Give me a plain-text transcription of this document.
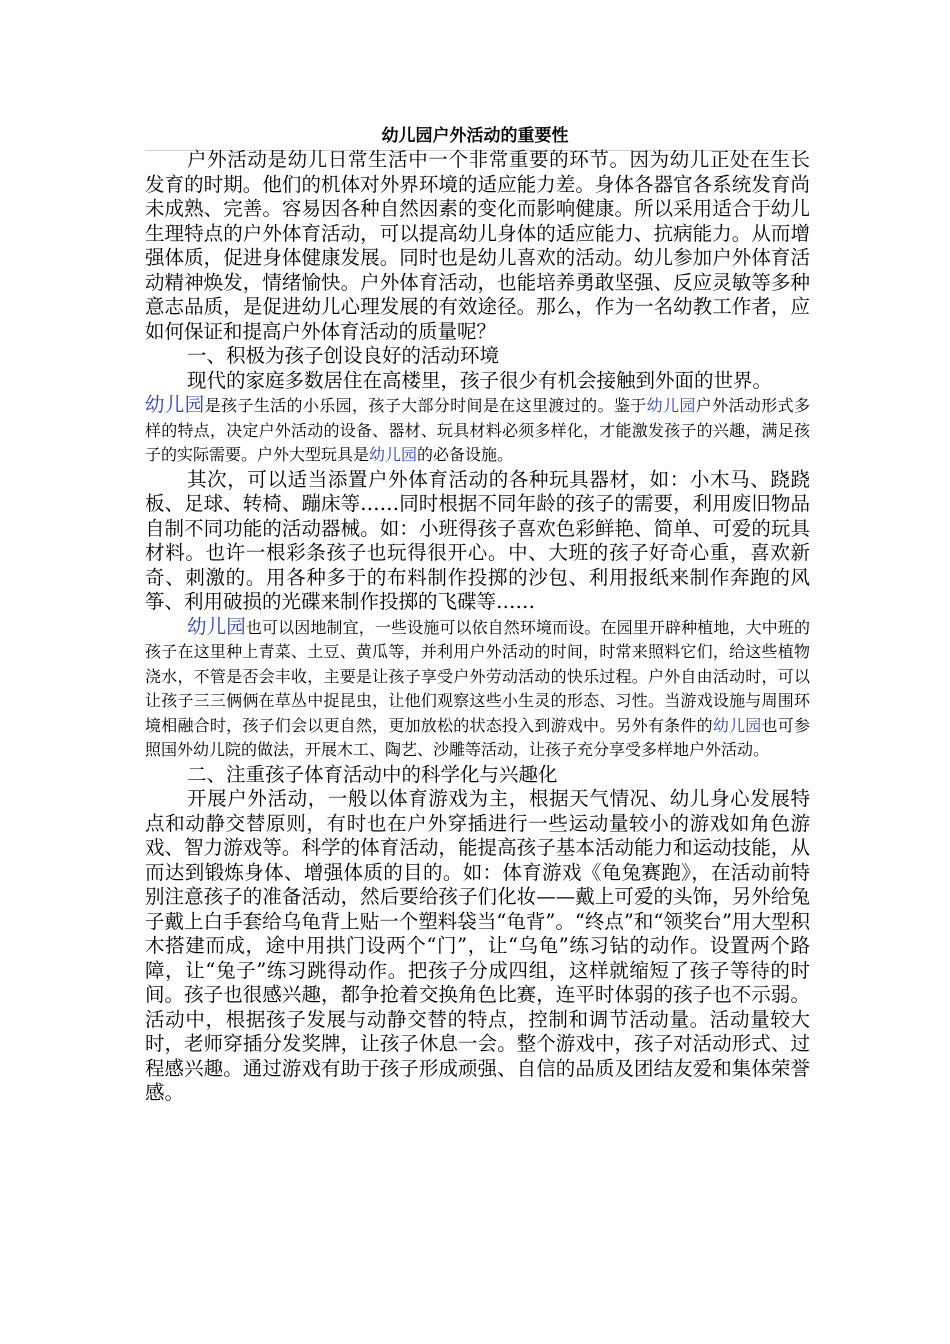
幼儿园户外活动的重要性

户外活动是幼儿日常生活中一个非常重要的环节。因为幼儿正处在生长发育的时期。他们的机体对外界环境的适应能力差。身体各器官各系统发育尚未成熟、完善。容易因各种自然因素的变化而影响健康。所以采用适合于幼儿生理特点的户外体育活动，可以提高幼儿身体的适应能力、抗病能力。从而增强体质，促进身体健康发展。同时也是幼儿喜欢的活动。幼儿参加户外体育活动精神焕发，情绪愉快。户外体育活动，也能培养勇敢坚强、反应灵敏等多种意志品质，是促进幼儿心理发展的有效途径。那么，作为一名幼教工作者，应如何保证和提高户外体育活动的质量呢？

一、积极为孩子创设良好的活动环境

现代的家庭多数居住在高楼里，孩子很少有机会接触到外面的世界。

幼儿园是孩子生活的小乐园，孩子大部分时间是在这里渡过的。鉴于幼儿园户外活动形式多样的特点，决定户外活动的设备、器材、玩具材料必须多样化，才能激发孩子的兴趣，满足孩子的实际需要。户外大型玩具是幼儿园的必备设施。

其次，可以适当添置户外体育活动的各种玩具器材，如：小木马、跷跷板、足球、转椅、蹦床等……同时根据不同年龄的孩子的需要，利用废旧物品自制不同功能的活动器械。如：小班得孩子喜欢色彩鲜艳、简单、可爱的玩具材料。也许一根彩条孩子也玩得很开心。中、大班的孩子好奇心重，喜欢新奇、刺激的。用各种多于的布料制作投掷的沙包、利用报纸来制作奔跑的风筝、利用破损的光碟来制作投掷的飞碟等……

幼儿园也可以因地制宜，一些设施可以依自然环境而设。在园里开辟种植地，大中班的孩子在这里种上青菜、土豆、黄瓜等，并利用户外活动的时间，时常来照料它们，给这些植物浇水，不管是否会丰收，主要是让孩子享受户外劳动活动的快乐过程。户外自由活动时，可以让孩子三三俩俩在草丛中捉昆虫，让他们观察这些小生灵的形态、习性。当游戏设施与周围环境相融合时，孩子们会以更自然，更加放松的状态投入到游戏中。另外有条件的幼儿园也可参照国外幼儿院的做法，开展木工、陶艺、沙雕等活动，让孩子充分享受多样地户外活动。

二、注重孩子体育活动中的科学化与兴趣化

开展户外活动，一般以体育游戏为主，根据天气情况、幼儿身心发展特点和动静交替原则，有时也在户外穿插进行一些运动量较小的游戏如角色游戏、智力游戏等。科学的体育活动，能提高孩子基本活动能力和运动技能，从而达到锻炼身体、增强体质的目的。如：体育游戏《龟兔赛跑》，在活动前特别注意孩子的准备活动，然后要给孩子们化妆——戴上可爱的头饰，另外给兔子戴上白手套给乌龟背上贴一个塑料袋当“龟背”。“终点”和“领奖台”用大型积木搭建而成，途中用拱门设两个“门”，让“乌龟”练习钻的动作。设置两个路障，让“兔子”练习跳得动作。把孩子分成四组，这样就缩短了孩子等待的时间。孩子也很感兴趣，都争抢着交换角色比赛，连平时体弱的孩子也不示弱。活动中，根据孩子发展与动静交替的特点，控制和调节活动量。活动量较大时，老师穿插分发奖牌，让孩子休息一会。整个游戏中，孩子对活动形式、过程感兴趣。通过游戏有助于孩子形成顽强、自信的品质及团结友爱和集体荣誉感。
